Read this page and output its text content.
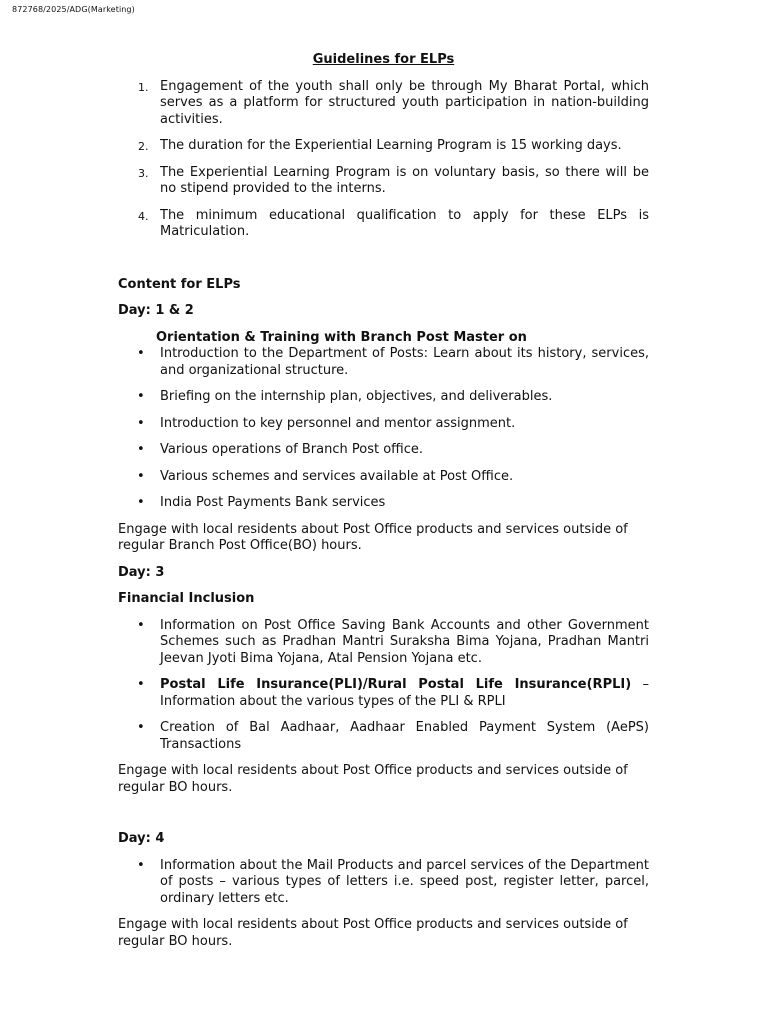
872768/2025/ADG(Marketing)
Guidelines for ELPs
1. Engagement of the youth shall only be through My Bharat Portal, which serves as a platform for structured youth participation in nation-building activities.
2. The duration for the Experiential Learning Program is 15 working days.
3. The Experiential Learning Program is on voluntary basis, so there will be no stipend provided to the interns.
4. The minimum educational qualification to apply for these ELPs is Matriculation.
Content for ELPs
Day: 1 & 2
Orientation & Training with Branch Post Master on
• Introduction to the Department of Posts: Learn about its history, services, and organizational structure.
• Briefing on the internship plan, objectives, and deliverables.
• Introduction to key personnel and mentor assignment.
• Various operations of Branch Post office.
• Various schemes and services available at Post Office.
• India Post Payments Bank services
Engage with local residents about Post Office products and services outside of regular Branch Post Office(BO) hours.
Day: 3
Financial Inclusion
• Information on Post Office Saving Bank Accounts and other Government Schemes such as Pradhan Mantri Suraksha Bima Yojana, Pradhan Mantri Jeevan Jyoti Bima Yojana, Atal Pension Yojana etc.
• Postal Life Insurance(PLI)/Rural Postal Life Insurance(RPLI) – Information about the various types of the PLI & RPLI
• Creation of Bal Aadhaar, Aadhaar Enabled Payment System (AePS) Transactions
Engage with local residents about Post Office products and services outside of regular BO hours.
Day: 4
• Information about the Mail Products and parcel services of the Department of posts – various types of letters i.e. speed post, register letter, parcel, ordinary letters etc.
Engage with local residents about Post Office products and services outside of regular BO hours.
